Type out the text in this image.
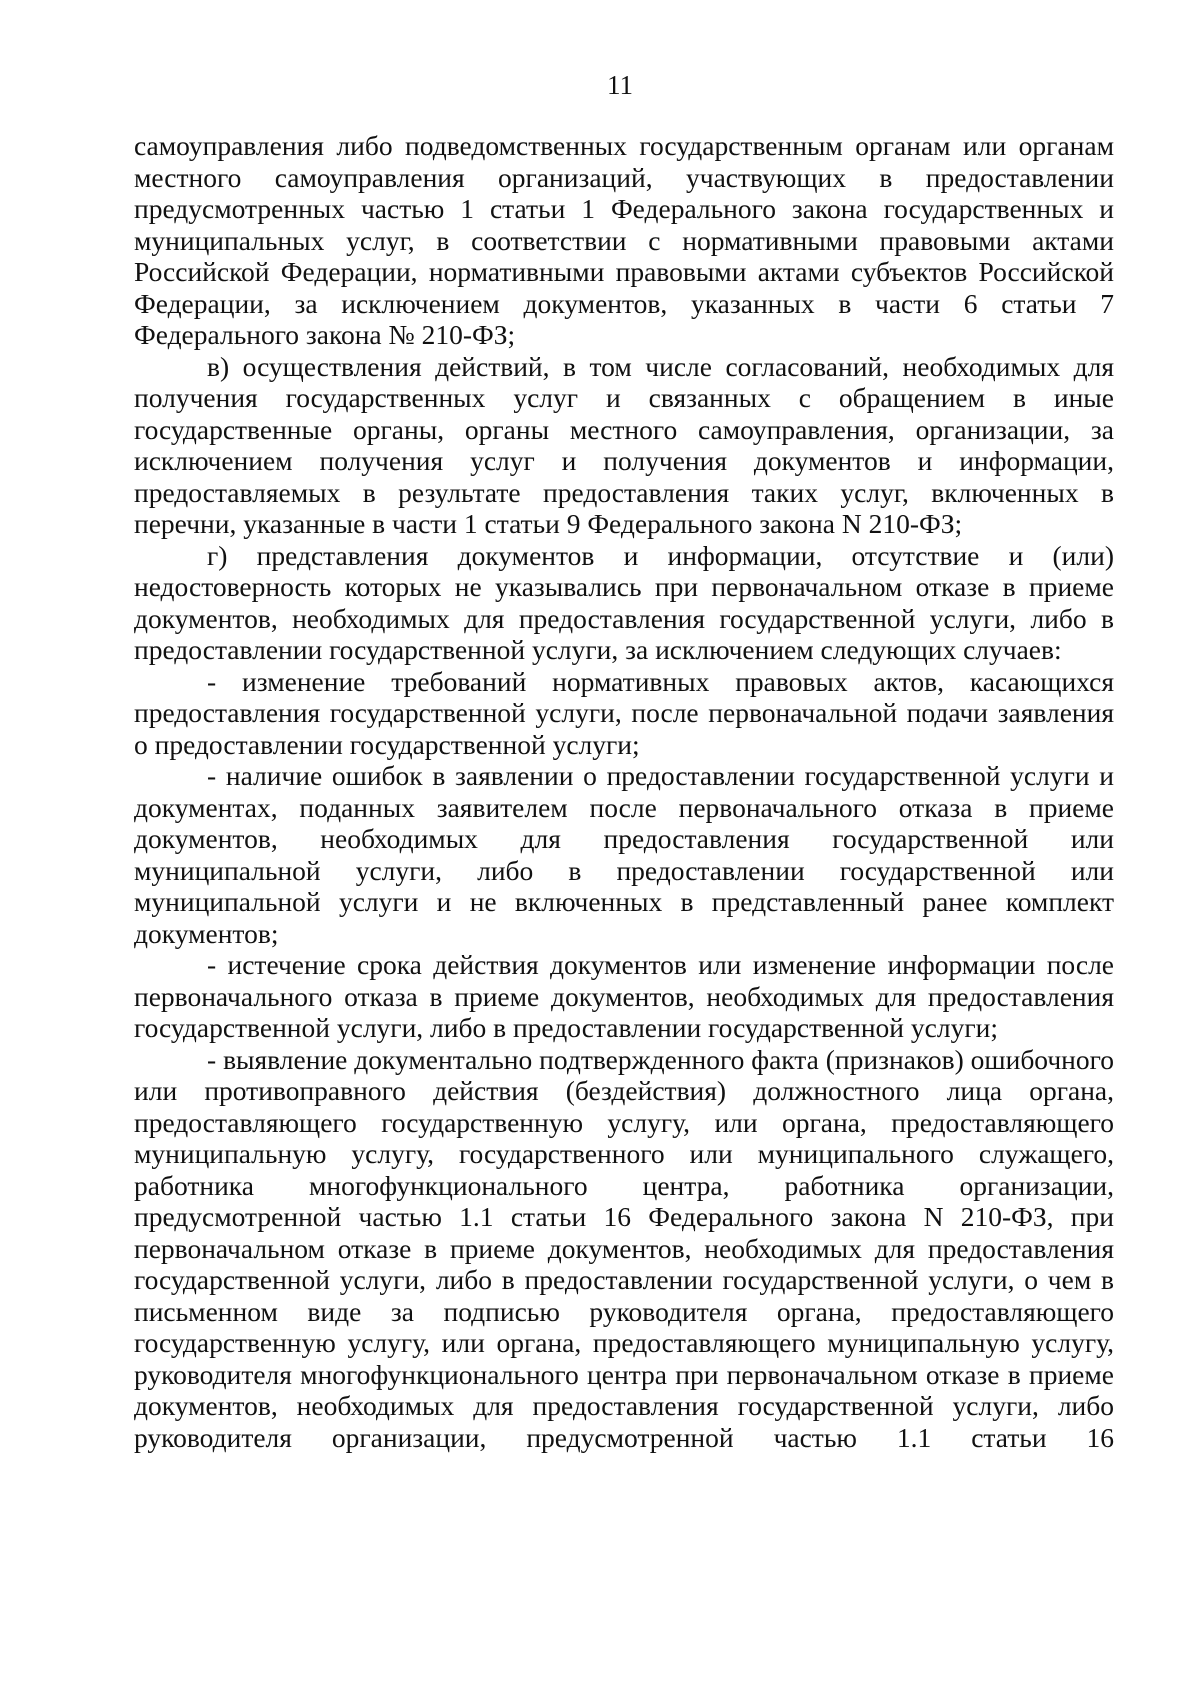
11

самоуправления либо подведомственных государственным органам или органам местного самоуправления организаций, участвующих в предоставлении предусмотренных частью 1 статьи 1 Федерального закона государственных и муниципальных услуг, в соответствии с нормативными правовыми актами Российской Федерации, нормативными правовыми актами субъектов Российской Федерации, за исключением документов, указанных в части 6 статьи 7 Федерального закона № 210-ФЗ;

в) осуществления действий, в том числе согласований, необходимых для получения государственных услуг и связанных с обращением в иные государственные органы, органы местного самоуправления, организации, за исключением получения услуг и получения документов и информации, предоставляемых в результате предоставления таких услуг, включенных в перечни, указанные в части 1 статьи 9 Федерального закона N 210-ФЗ;

г) представления документов и информации, отсутствие и (или) недостоверность которых не указывались при первоначальном отказе в приеме документов, необходимых для предоставления государственной услуги, либо в предоставлении государственной услуги, за исключением следующих случаев:

- изменение требований нормативных правовых актов, касающихся предоставления государственной услуги, после первоначальной подачи заявления о предоставлении государственной услуги;

- наличие ошибок в заявлении о предоставлении государственной услуги и документах, поданных заявителем после первоначального отказа в приеме документов, необходимых для предоставления государственной или муниципальной услуги, либо в предоставлении государственной или муниципальной услуги и не включенных в представленный ранее комплект документов;

- истечение срока действия документов или изменение информации после первоначального отказа в приеме документов, необходимых для предоставления государственной услуги, либо в предоставлении государственной услуги;

- выявление документально подтвержденного факта (признаков) ошибочного или противоправного действия (бездействия) должностного лица органа, предоставляющего государственную услугу, или органа, предоставляющего муниципальную услугу, государственного или муниципального служащего, работника многофункционального центра, работника организации, предусмотренной частью 1.1 статьи 16 Федерального закона N 210-ФЗ, при первоначальном отказе в приеме документов, необходимых для предоставления государственной услуги, либо в предоставлении государственной услуги, о чем в письменном виде за подписью руководителя органа, предоставляющего государственную услугу, или органа, предоставляющего муниципальную услугу, руководителя многофункционального центра при первоначальном отказе в приеме документов, необходимых для предоставления государственной услуги, либо руководителя организации, предусмотренной частью 1.1 статьи 16
